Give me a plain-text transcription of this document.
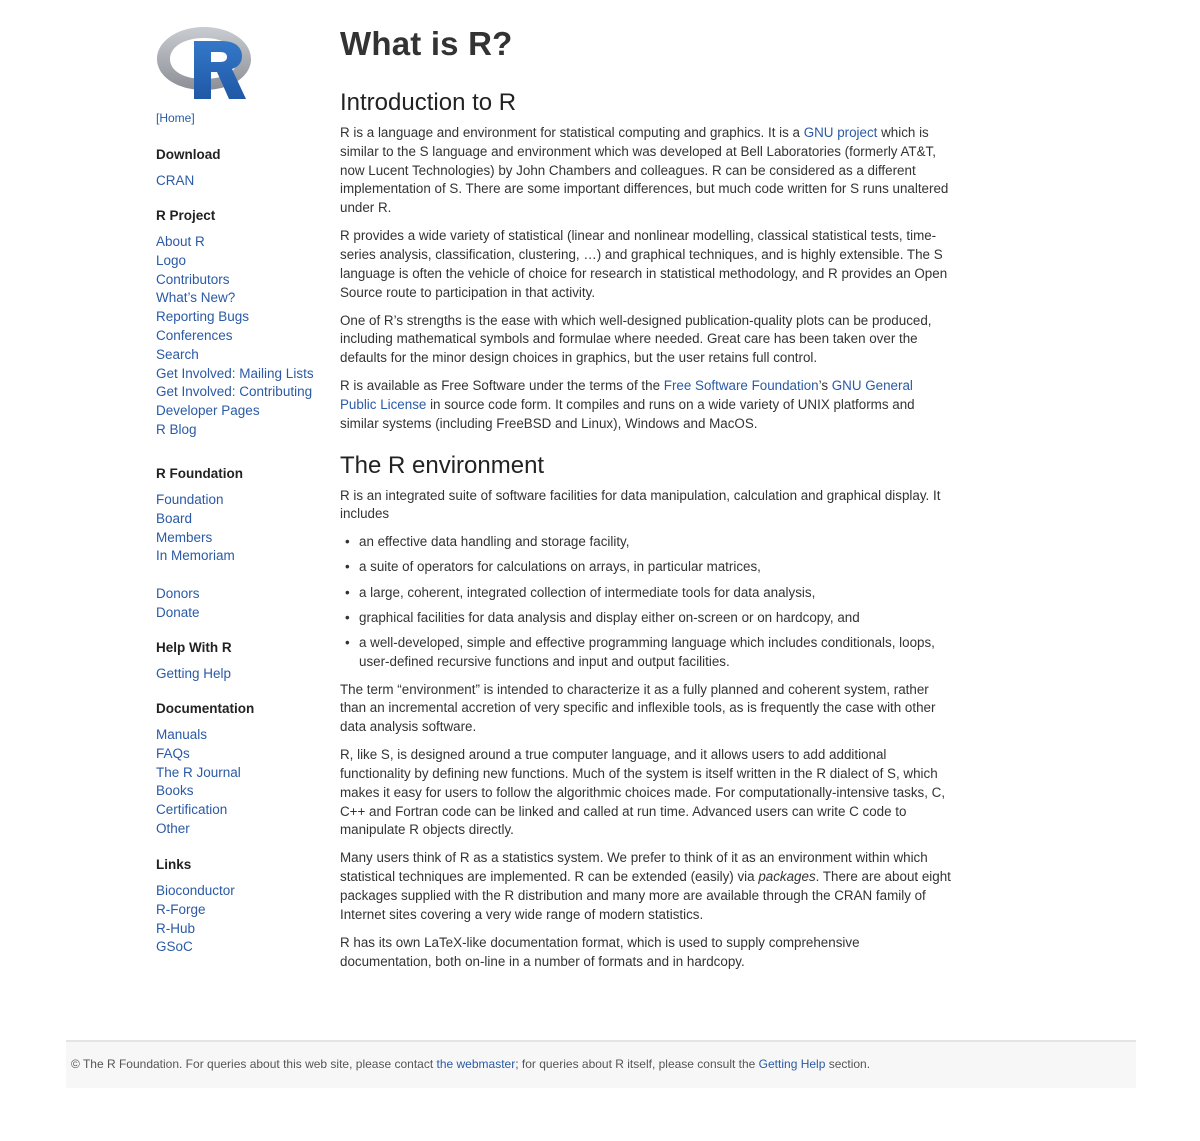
[Home]
Download
CRAN
R Project
About R
Logo
Contributors
What’s New?
Reporting Bugs
Conferences
Search
Get Involved: Mailing Lists
Get Involved: Contributing
Developer Pages
R Blog
R Foundation
Foundation
Board
Members
In Memoriam
Donors
Donate
Help With R
Getting Help
Documentation
Manuals
FAQs
The R Journal
Books
Certification
Other
Links
Bioconductor
R-Forge
R-Hub
GSoC
What is R?
Introduction to R

R is a language and environment for statistical computing and graphics. It is a GNU project which is similar to the S language and environment which was developed at Bell Laboratories (formerly AT&T, now Lucent Technologies) by John Chambers and colleagues. R can be considered as a different implementation of S. There are some important differences, but much code written for S runs unaltered under R.

R provides a wide variety of statistical (linear and nonlinear modelling, classical statistical tests, time-series analysis, classification, clustering, …) and graphical techniques, and is highly extensible. The S language is often the vehicle of choice for research in statistical methodology, and R provides an Open Source route to participation in that activity.

One of R’s strengths is the ease with which well-designed publication-quality plots can be produced, including mathematical symbols and formulae where needed. Great care has been taken over the defaults for the minor design choices in graphics, but the user retains full control.

R is available as Free Software under the terms of the Free Software Foundation’s GNU General Public License in source code form. It compiles and runs on a wide variety of UNIX platforms and similar systems (including FreeBSD and Linux), Windows and MacOS.

The R environment

R is an integrated suite of software facilities for data manipulation, calculation and graphical display. It includes

• an effective data handling and storage facility,
• a suite of operators for calculations on arrays, in particular matrices,
• a large, coherent, integrated collection of intermediate tools for data analysis,
• graphical facilities for data analysis and display either on-screen or on hardcopy, and
• a well-developed, simple and effective programming language which includes conditionals, loops, user-defined recursive functions and input and output facilities.

The term “environment” is intended to characterize it as a fully planned and coherent system, rather than an incremental accretion of very specific and inflexible tools, as is frequently the case with other data analysis software.

R, like S, is designed around a true computer language, and it allows users to add additional functionality by defining new functions. Much of the system is itself written in the R dialect of S, which makes it easy for users to follow the algorithmic choices made. For computationally-intensive tasks, C, C++ and Fortran code can be linked and called at run time. Advanced users can write C code to manipulate R objects directly.

Many users think of R as a statistics system. We prefer to think of it as an environment within which statistical techniques are implemented. R can be extended (easily) via packages. There are about eight packages supplied with the R distribution and many more are available through the CRAN family of Internet sites covering a very wide range of modern statistics.

R has its own LaTeX-like documentation format, which is used to supply comprehensive documentation, both on-line in a number of formats and in hardcopy.

© The R Foundation. For queries about this web site, please contact the webmaster; for queries about R itself, please consult the Getting Help section.
